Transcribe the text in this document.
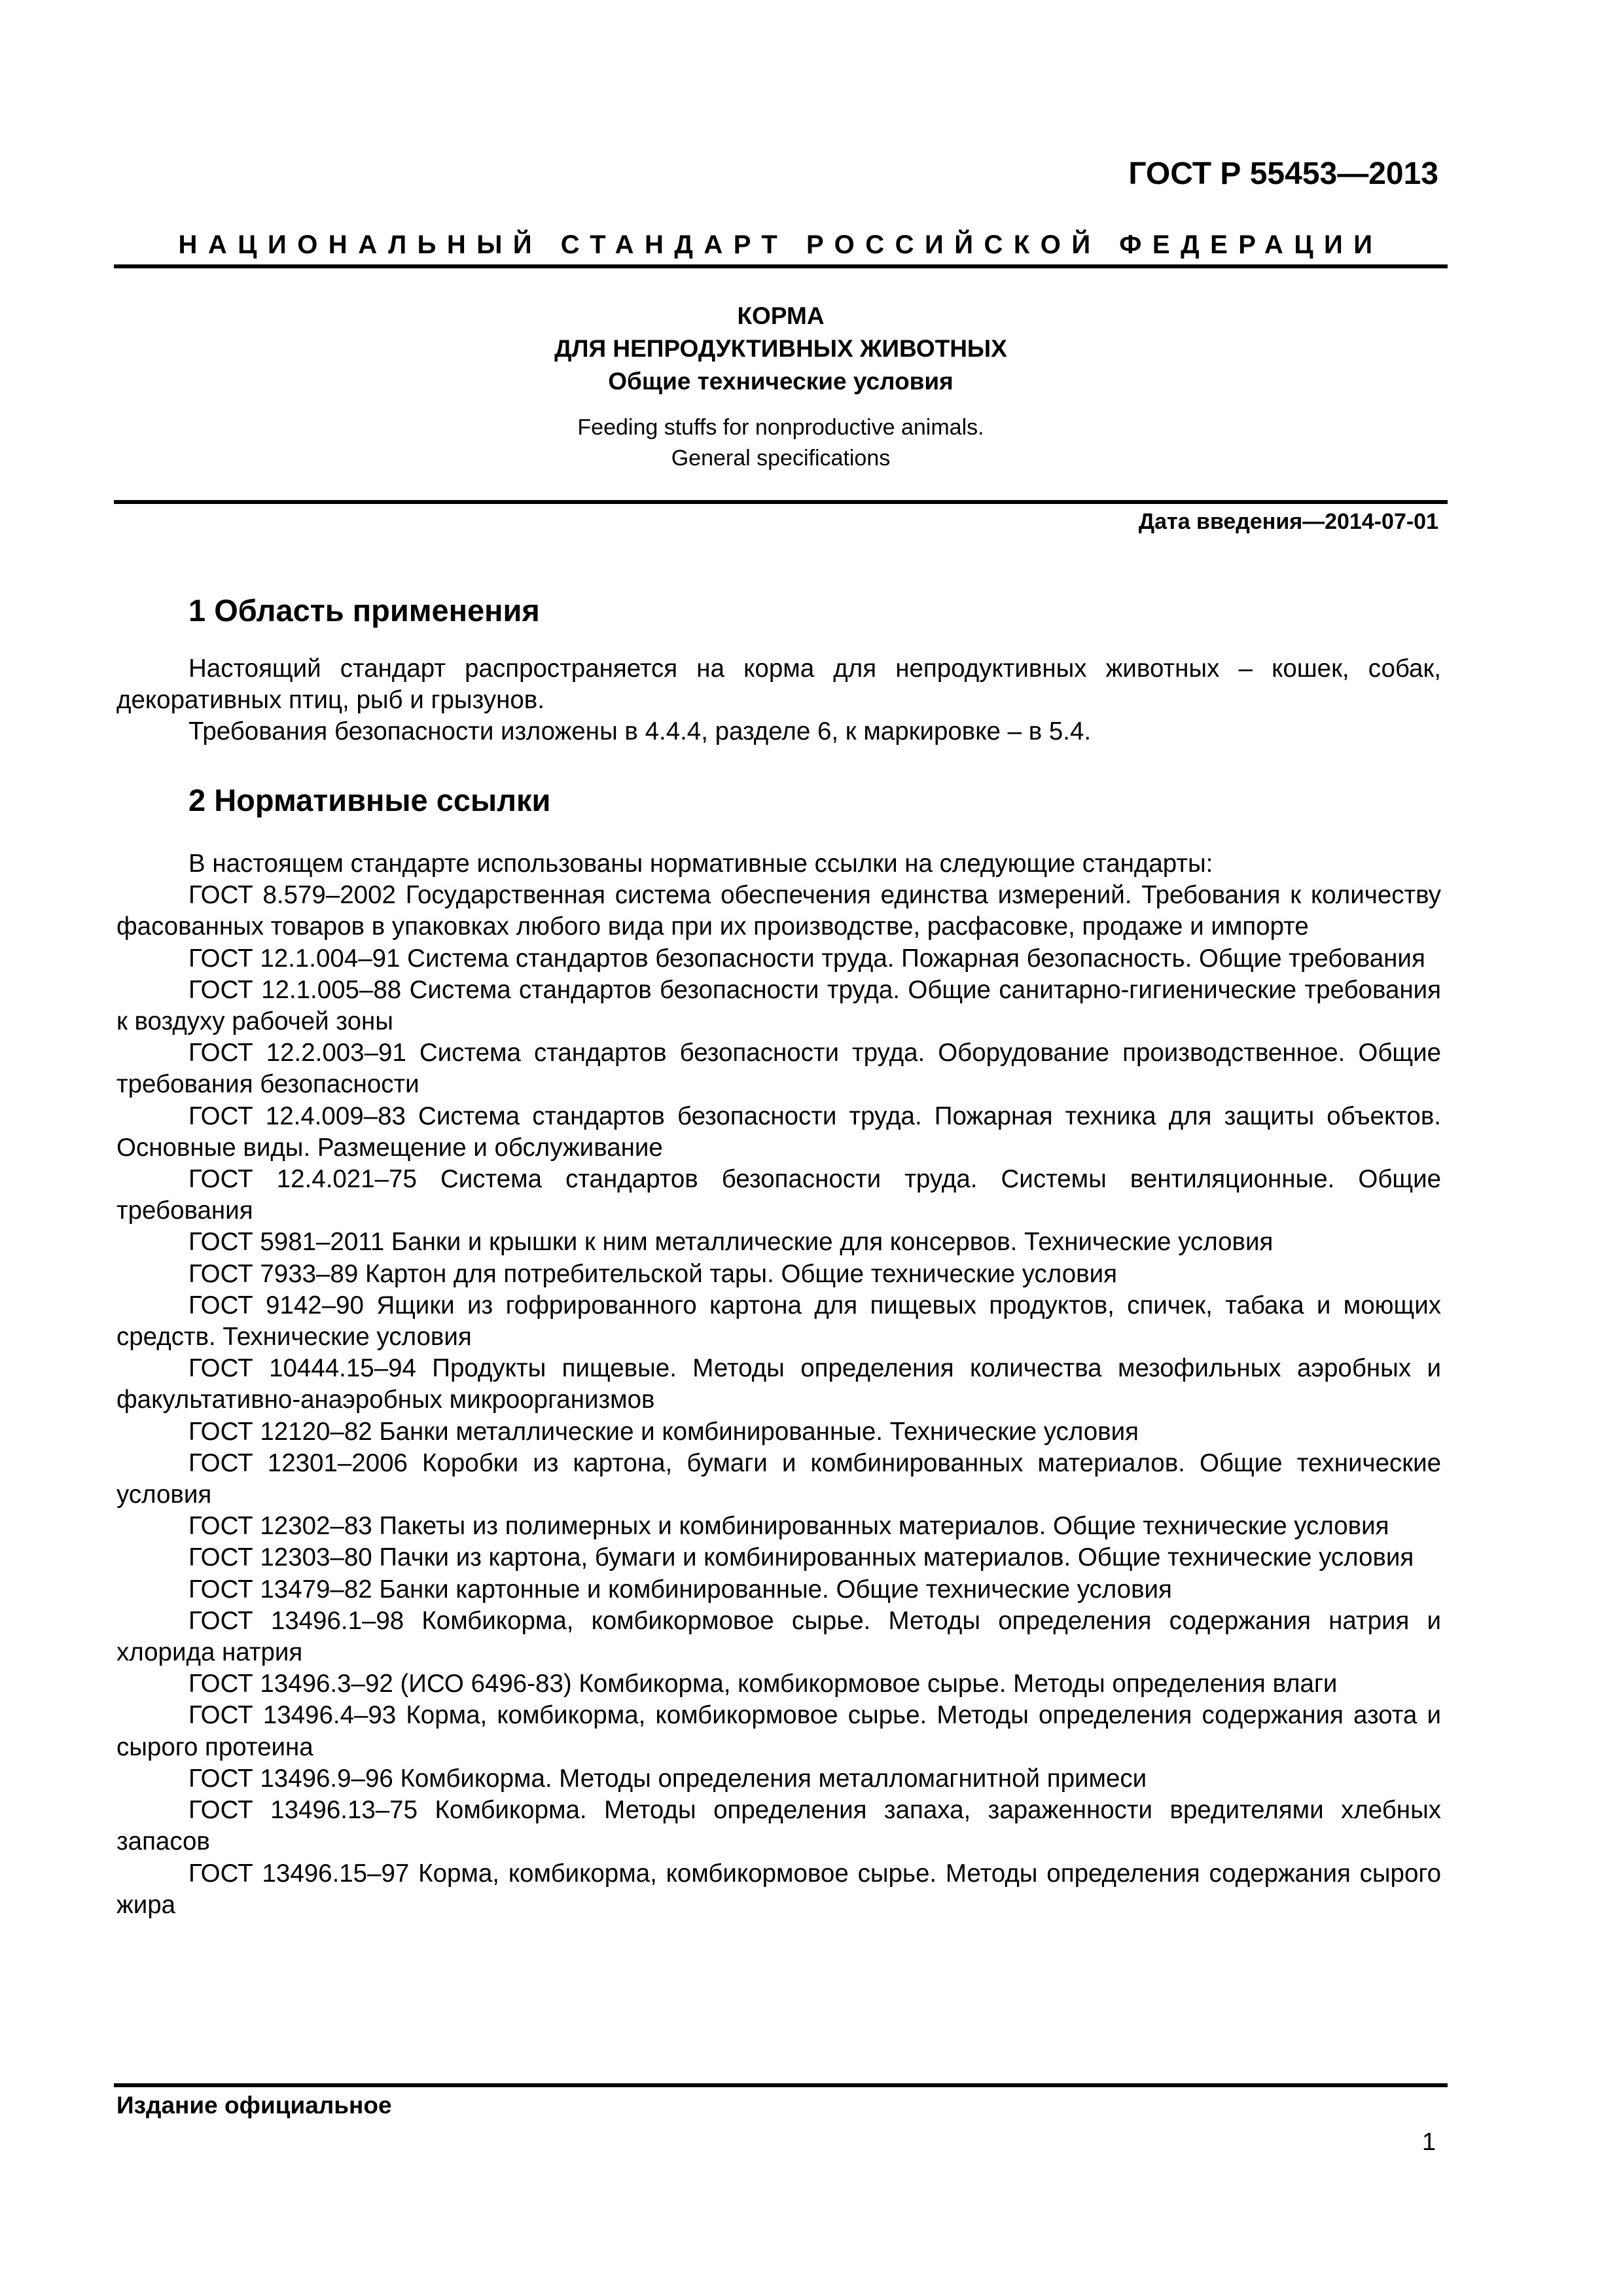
ГОСТ Р 55453—2013
НАЦИОНАЛЬНЫЙ СТАНДАРТ РОССИЙСКОЙ ФЕДЕРАЦИИ
КОРМА
ДЛЯ НЕПРОДУКТИВНЫХ ЖИВОТНЫХ
Общие технические условия
Feeding stuffs for nonproductive animals.
General specifications
Дата введения—2014-07-01
1 Область применения

Настоящий стандарт распространяется на корма для непродуктивных животных – кошек, собак, декоративных птиц, рыб и грызунов.

Требования безопасности изложены в 4.4.4, разделе 6, к маркировке – в 5.4.

2 Нормативные ссылки

В настоящем стандарте использованы нормативные ссылки на следующие стандарты:

ГОСТ 8.579–2002 Государственная система обеспечения единства измерений. Требования к количеству фасованных товаров в упаковках любого вида при их производстве, расфасовке, продаже и импорте

ГОСТ 12.1.004–91 Система стандартов безопасности труда. Пожарная безопасность. Общие требования

ГОСТ 12.1.005–88 Система стандартов безопасности труда. Общие санитарно-гигиенические требования к воздуху рабочей зоны

ГОСТ 12.2.003–91 Система стандартов безопасности труда. Оборудование производственное. Общие требования безопасности

ГОСТ 12.4.009–83 Система стандартов безопасности труда. Пожарная техника для защиты объектов. Основные виды. Размещение и обслуживание

ГОСТ 12.4.021–75 Система стандартов безопасности труда. Системы вентиляционные. Общие требования

ГОСТ 5981–2011 Банки и крышки к ним металлические для консервов. Технические условия

ГОСТ 7933–89 Картон для потребительской тары. Общие технические условия

ГОСТ 9142–90 Ящики из гофрированного картона для пищевых продуктов, спичек, табака и моющих средств. Технические условия

ГОСТ 10444.15–94 Продукты пищевые. Методы определения количества мезофильных аэробных и факультативно-анаэробных микроорганизмов

ГОСТ 12120–82 Банки металлические и комбинированные. Технические условия

ГОСТ 12301–2006 Коробки из картона, бумаги и комбинированных материалов. Общие технические условия

ГОСТ 12302–83 Пакеты из полимерных и комбинированных материалов. Общие технические условия

ГОСТ 12303–80 Пачки из картона, бумаги и комбинированных материалов. Общие технические условия

ГОСТ 13479–82 Банки картонные и комбинированные. Общие технические условия

ГОСТ 13496.1–98 Комбикорма, комбикормовое сырье. Методы определения содержания натрия и хлорида натрия

ГОСТ 13496.3–92 (ИСО 6496-83) Комбикорма, комбикормовое сырье. Методы определения влаги

ГОСТ 13496.4–93 Корма, комбикорма, комбикормовое сырье. Методы определения содержания азота и сырого протеина

ГОСТ 13496.9–96 Комбикорма. Методы определения металломагнитной примеси

ГОСТ 13496.13–75 Комбикорма. Методы определения запаха, зараженности вредителями хлебных запасов

ГОСТ 13496.15–97 Корма, комбикорма, комбикормовое сырье. Методы определения содержания сырого жира

Издание официальное
1
